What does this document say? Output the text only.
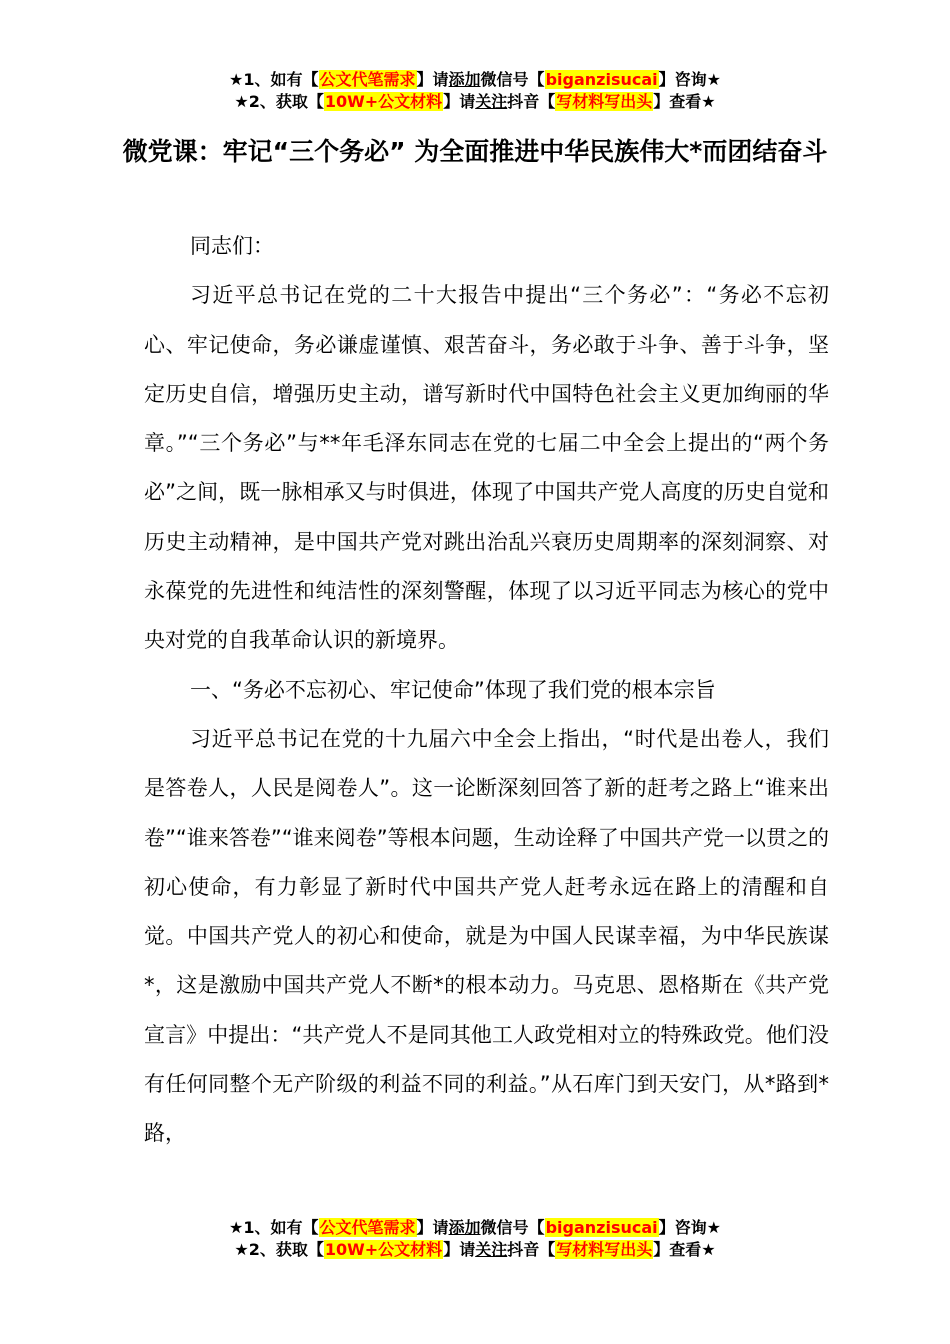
★1、如有【公文代笔需求】请添加微信号【biganzisucai】咨询★
★2、获取【10W+公文材料】请关注抖音【写材料写出头】查看★
微党课：牢记“三个务必” 为全面推进中华民族伟大*而团结奋斗

同志们：

习近平总书记在党的二十大报告中提出“三个务必”：“务必不忘初心、牢记使命，务必谦虚谨慎、艰苦奋斗，务必敢于斗争、善于斗争，坚定历史自信，增强历史主动，谱写新时代中国特色社会主义更加绚丽的华章。”“三个务必”与**年毛泽东同志在党的七届二中全会上提出的“两个务必”之间，既一脉相承又与时俱进，体现了中国共产党人高度的历史自觉和历史主动精神，是中国共产党对跳出治乱兴衰历史周期率的深刻洞察、对永葆党的先进性和纯洁性的深刻警醒，体现了以习近平同志为核心的党中央对党的自我革命认识的新境界。

一、“务必不忘初心、牢记使命”体现了我们党的根本宗旨

习近平总书记在党的十九届六中全会上指出，“时代是出卷人，我们是答卷人，人民是阅卷人”。这一论断深刻回答了新的赶考之路上“谁来出卷”“谁来答卷”“谁来阅卷”等根本问题，生动诠释了中国共产党一以贯之的初心使命，有力彰显了新时代中国共产党人赶考永远在路上的清醒和自觉。中国共产党人的初心和使命，就是为中国人民谋幸福，为中华民族谋*，这是激励中国共产党人不断*的根本动力。马克思、恩格斯在《共产党宣言》中提出：“共产党人不是同其他工人政党相对立的特殊政党。他们没有任何同整个无产阶级的利益不同的利益。”从石库门到天安门，从*路到*路，

★1、如有【公文代笔需求】请添加微信号【biganzisucai】咨询★
★2、获取【10W+公文材料】请关注抖音【写材料写出头】查看★
